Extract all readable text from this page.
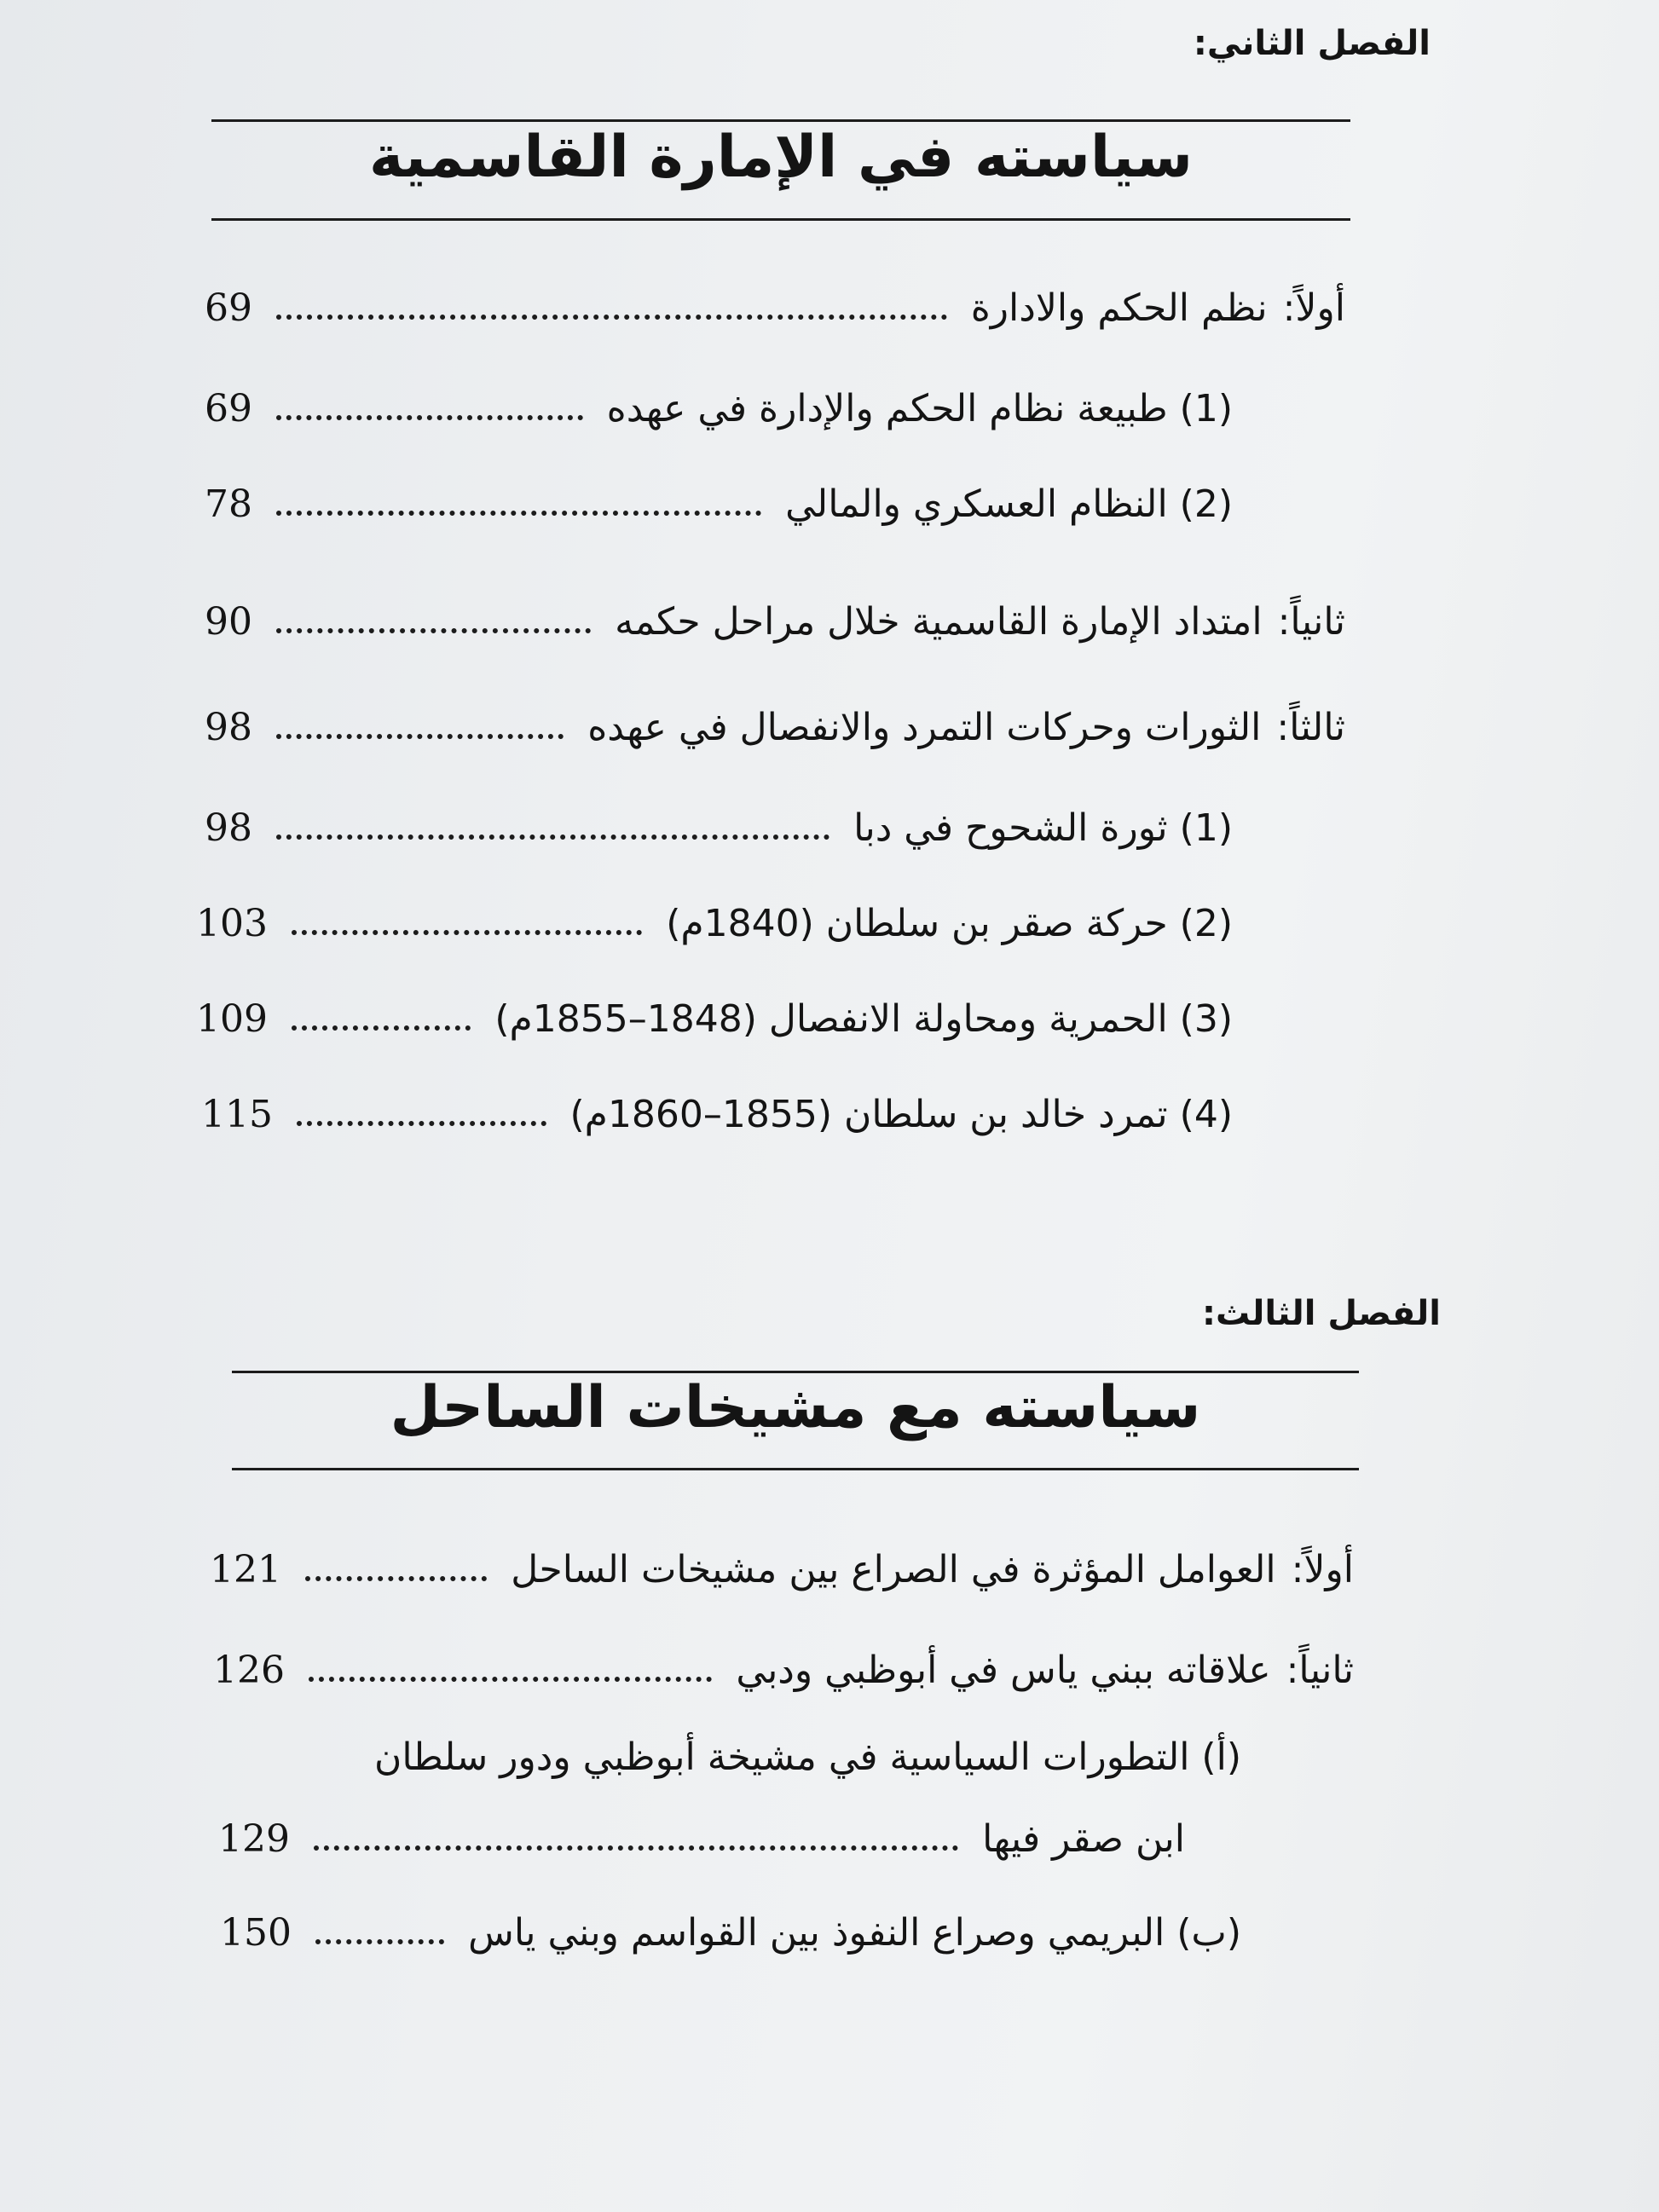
الفصل الثاني:
سياسته في الإمارة القاسمية
أولاً:
نظم الحكم والادارة
69
(1) طبيعة نظام الحكم والإدارة في عهده
69
(2) النظام العسكري والمالي
78
ثانياً:
امتداد الإمارة القاسمية خلال مراحل حكمه
90
ثالثاً:
الثورات وحركات التمرد والانفصال في عهده
98
(1) ثورة الشحوح في دبا
98
(2) حركة صقر بن سلطان (1840م)
103
(3) الحمرية ومحاولة الانفصال (1848–1855م)
109
(4) تمرد خالد بن سلطان (1855–1860م)
115
الفصل الثالث:
سياسته مع مشيخات الساحل
أولاً:
العوامل المؤثرة في الصراع بين مشيخات الساحل
121
ثانياً:
علاقاته ببني ياس في أبوظبي ودبي
126
(أ) التطورات السياسية في مشيخة أبوظبي ودور سلطان
ابن صقر فيها
129
(ب) البريمي وصراع النفوذ بين القواسم وبني ياس
150
